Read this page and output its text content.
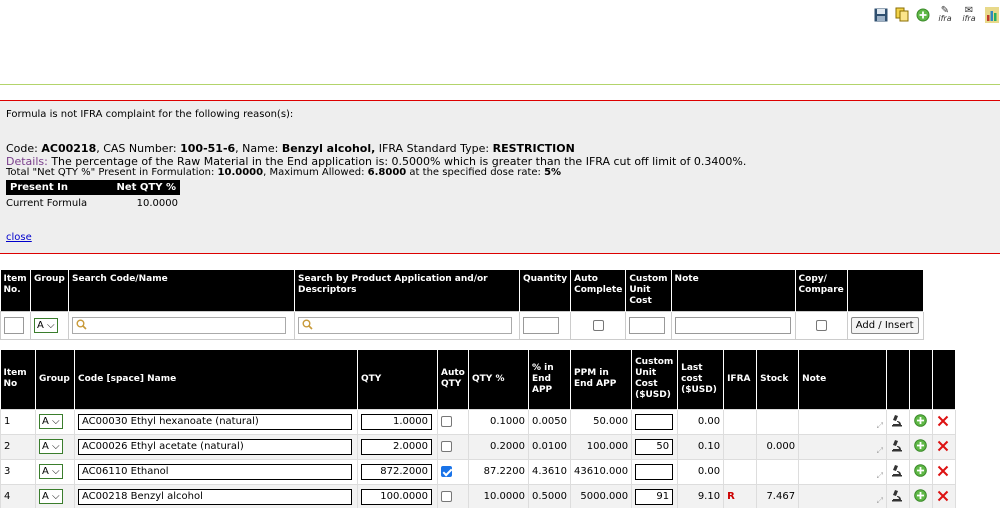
✎
ifra
✉
ifra
Formula is not IFRA complaint for the following reason(s):
Code: AC00218, CAS Number: 100-51-6, Name: Benzyl alcohol, IFRA Standard Type: RESTRICTION
Details: The percentage of the Raw Material in the End application is: 0.5000% which is greater than the IFRA cut off limit of 0.3400%.
Total "Net QTY %" Present in Formulation: 10.0000, Maximum Allowed: 6.8000 at the specified dose rate: 5%
Present In	Net QTY %
Current Formula	10.0000
close
Item No.	Group	Search Code/Name	Search by Product Application and/or Descriptors	Quantity	Auto Complete	Custom Unit Cost	Note	Copy/ Compare	

	A ⌵								Add / Insert
Item No	Group	Code [space] Name	QTY	Auto QTY	QTY %	% in End APP	PPM in End APP	Custom Unit Cost ($USD)	Last cost ($USD)	IFRA	Stock	Note			
1	A ⌵	AC00030 Ethyl hexanoate (natural)	1.0000		0.1000	0.0050	50.000		0.00			⤢

2	A ⌵	AC00026 Ethyl acetate (natural)	2.0000		0.2000	0.0100	100.000	50	0.10		0.000	⤢

3	A ⌵	AC06110 Ethanol	872.2000		87.2200	4.3610	43610.000		0.00			⤢

4	A ⌵	AC00218 Benzyl alcohol	100.0000		10.0000	0.5000	5000.000	91	9.10	R	7.467	⤢
